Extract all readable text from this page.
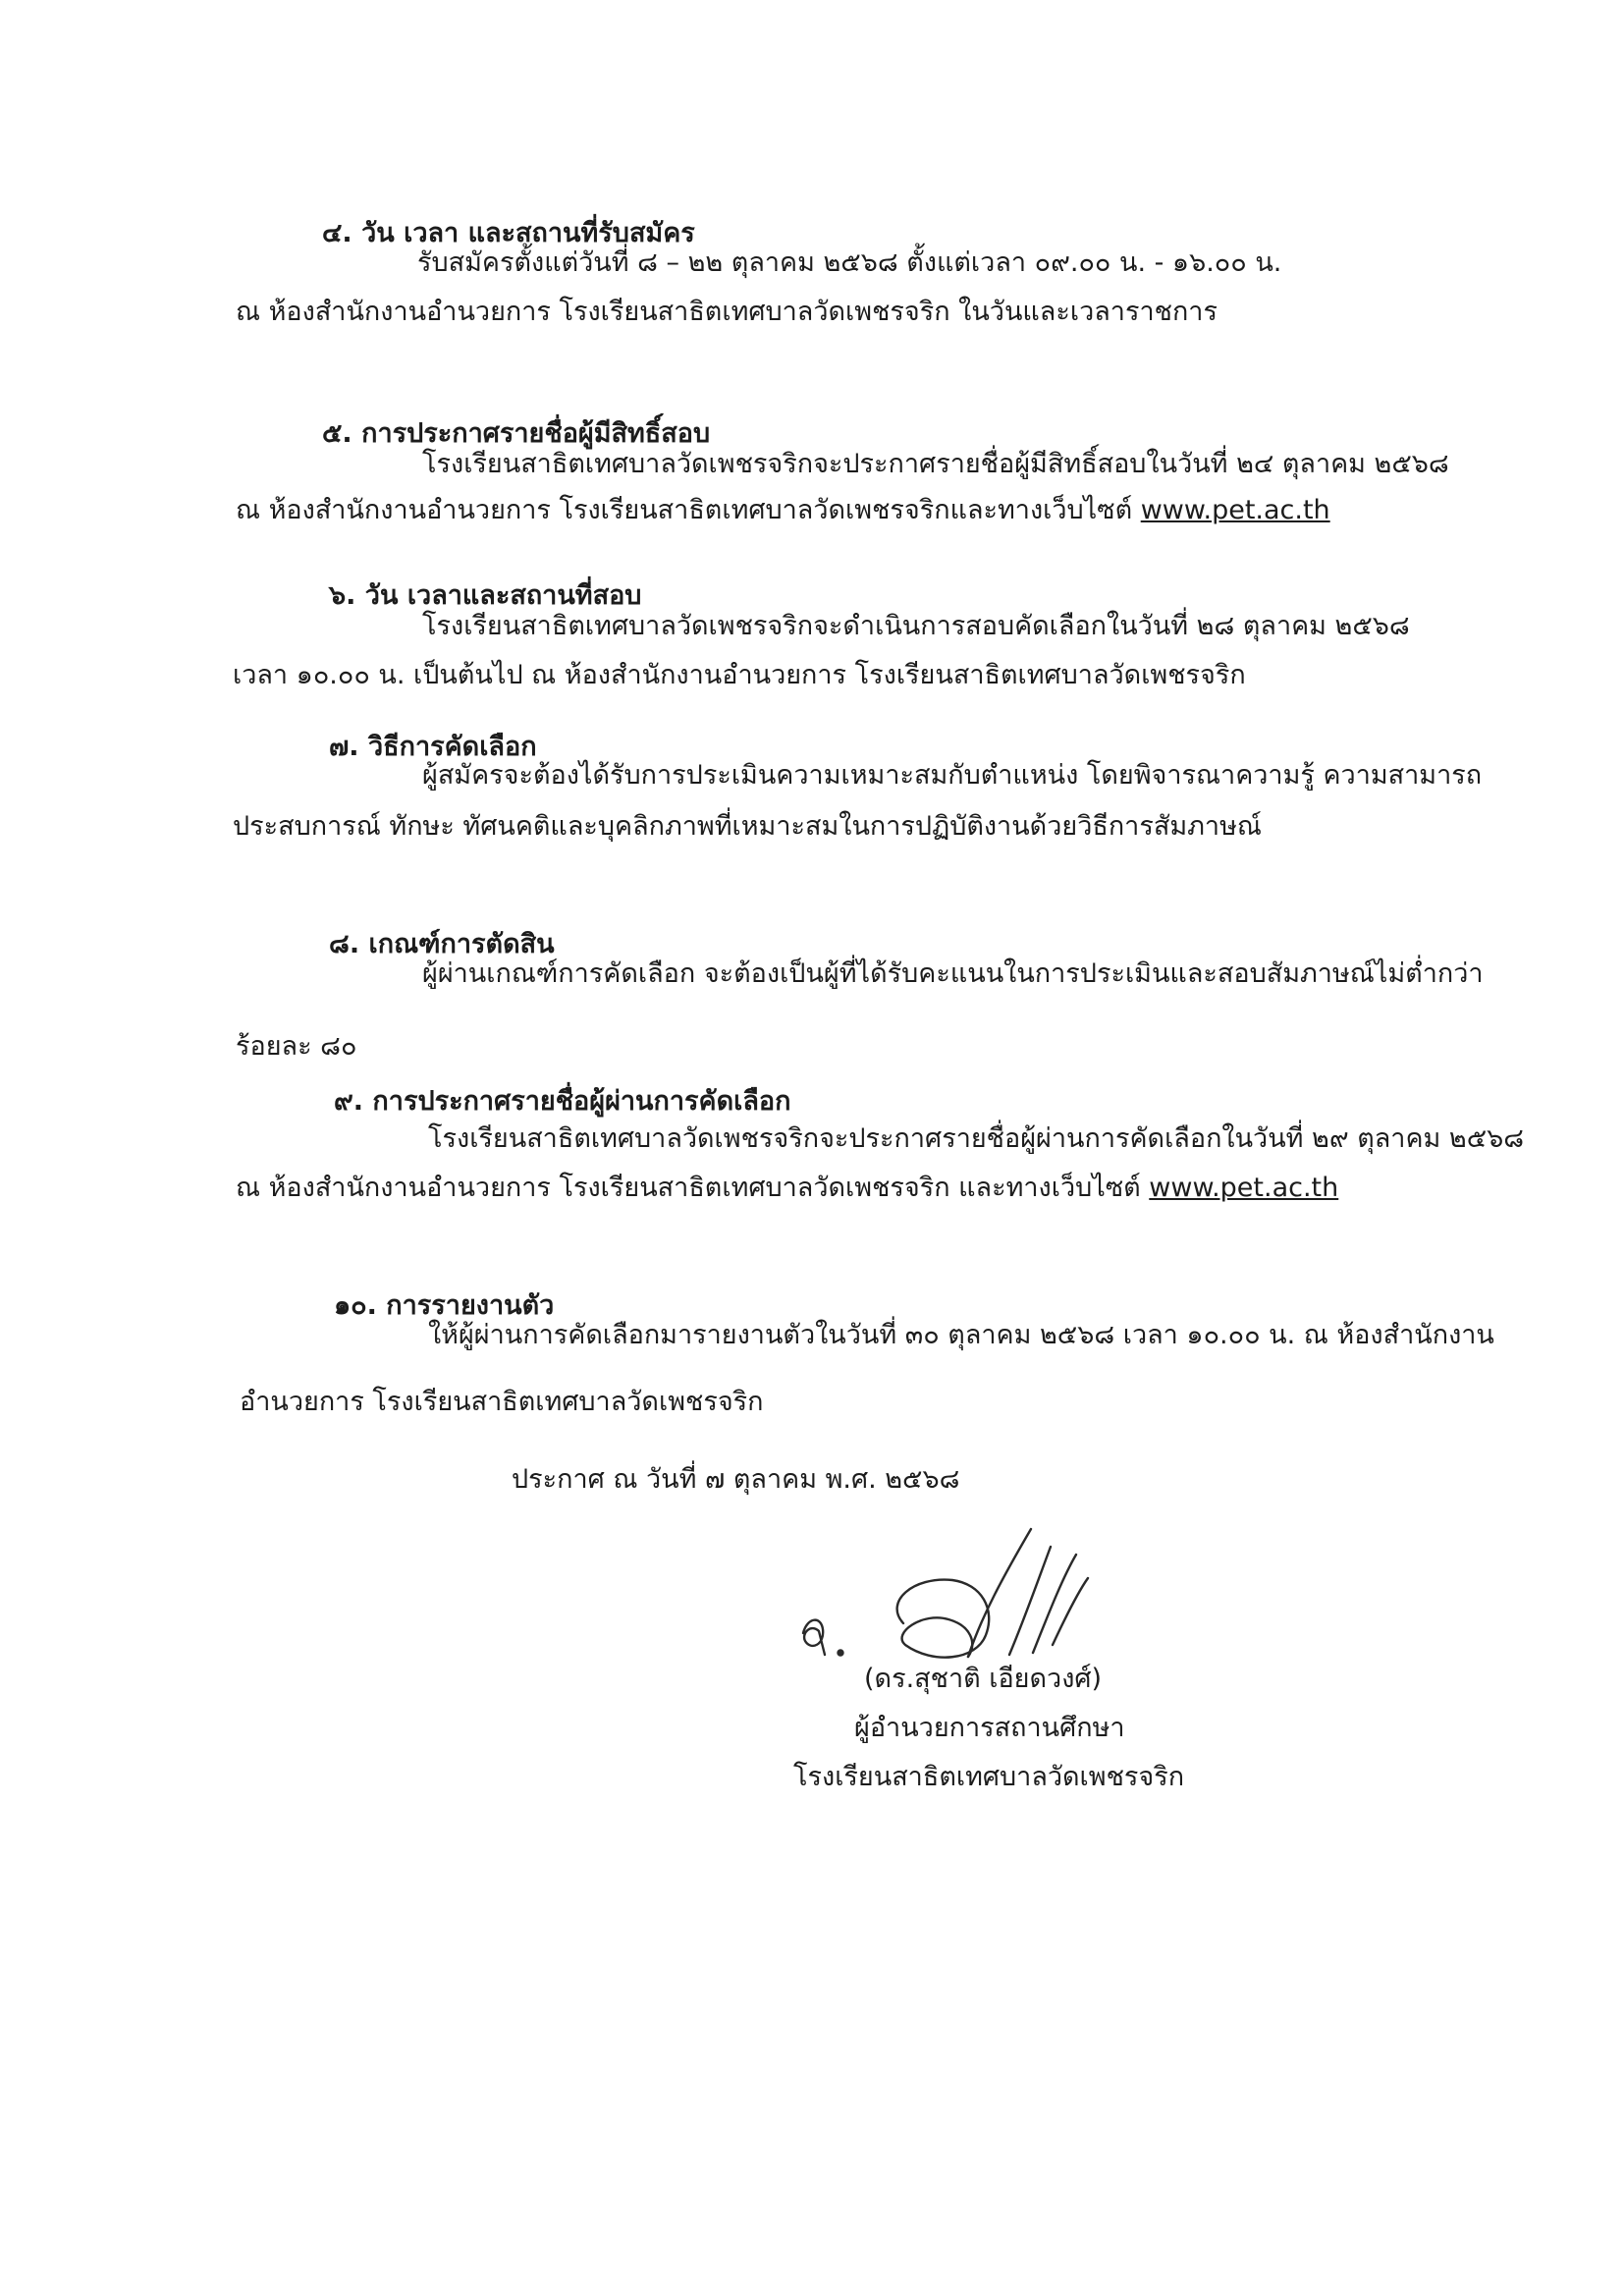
๔. วัน เวลา และสถานที่รับสมัคร
รับสมัครตั้งแต่วันที่ ๘ – ๒๒ ตุลาคม ๒๕๖๘ ตั้งแต่เวลา ๐๙.๐๐ น. - ๑๖.๐๐ น.
ณ ห้องสำนักงานอำนวยการ โรงเรียนสาธิตเทศบาลวัดเพชรจริก ในวันและเวลาราชการ
๕. การประกาศรายชื่อผู้มีสิทธิ์สอบ
โรงเรียนสาธิตเทศบาลวัดเพชรจริกจะประกาศรายชื่อผู้มีสิทธิ์สอบในวันที่ ๒๔ ตุลาคม ๒๕๖๘
ณ ห้องสำนักงานอำนวยการ โรงเรียนสาธิตเทศบาลวัดเพชรจริกและทางเว็บไซต์ www.pet.ac.th
๖. วัน เวลาและสถานที่สอบ
โรงเรียนสาธิตเทศบาลวัดเพชรจริกจะดำเนินการสอบคัดเลือกในวันที่ ๒๘ ตุลาคม ๒๕๖๘
เวลา ๑๐.๐๐ น. เป็นต้นไป ณ ห้องสำนักงานอำนวยการ โรงเรียนสาธิตเทศบาลวัดเพชรจริก
๗. วิธีการคัดเลือก
ผู้สมัครจะต้องได้รับการประเมินความเหมาะสมกับตำแหน่ง โดยพิจารณาความรู้ ความสามารถ
ประสบการณ์ ทักษะ ทัศนคติและบุคลิกภาพที่เหมาะสมในการปฏิบัติงานด้วยวิธีการสัมภาษณ์
๘. เกณฑ์การตัดสิน
ผู้ผ่านเกณฑ์การคัดเลือก จะต้องเป็นผู้ที่ได้รับคะแนนในการประเมินและสอบสัมภาษณ์ไม่ต่ำกว่า
ร้อยละ ๘๐
๙. การประกาศรายชื่อผู้ผ่านการคัดเลือก
โรงเรียนสาธิตเทศบาลวัดเพชรจริกจะประกาศรายชื่อผู้ผ่านการคัดเลือกในวันที่ ๒๙ ตุลาคม ๒๕๖๘
ณ ห้องสำนักงานอำนวยการ โรงเรียนสาธิตเทศบาลวัดเพชรจริก และทางเว็บไซต์ www.pet.ac.th
๑๐. การรายงานตัว
ให้ผู้ผ่านการคัดเลือกมารายงานตัวในวันที่ ๓๐ ตุลาคม ๒๕๖๘ เวลา ๑๐.๐๐ น. ณ ห้องสำนักงาน
อำนวยการ โรงเรียนสาธิตเทศบาลวัดเพชรจริก
ประกาศ ณ วันที่ ๗ ตุลาคม พ.ศ. ๒๕๖๘
(ดร.สุชาติ เอียดวงศ์)
ผู้อำนวยการสถานศึกษา
โรงเรียนสาธิตเทศบาลวัดเพชรจริก
